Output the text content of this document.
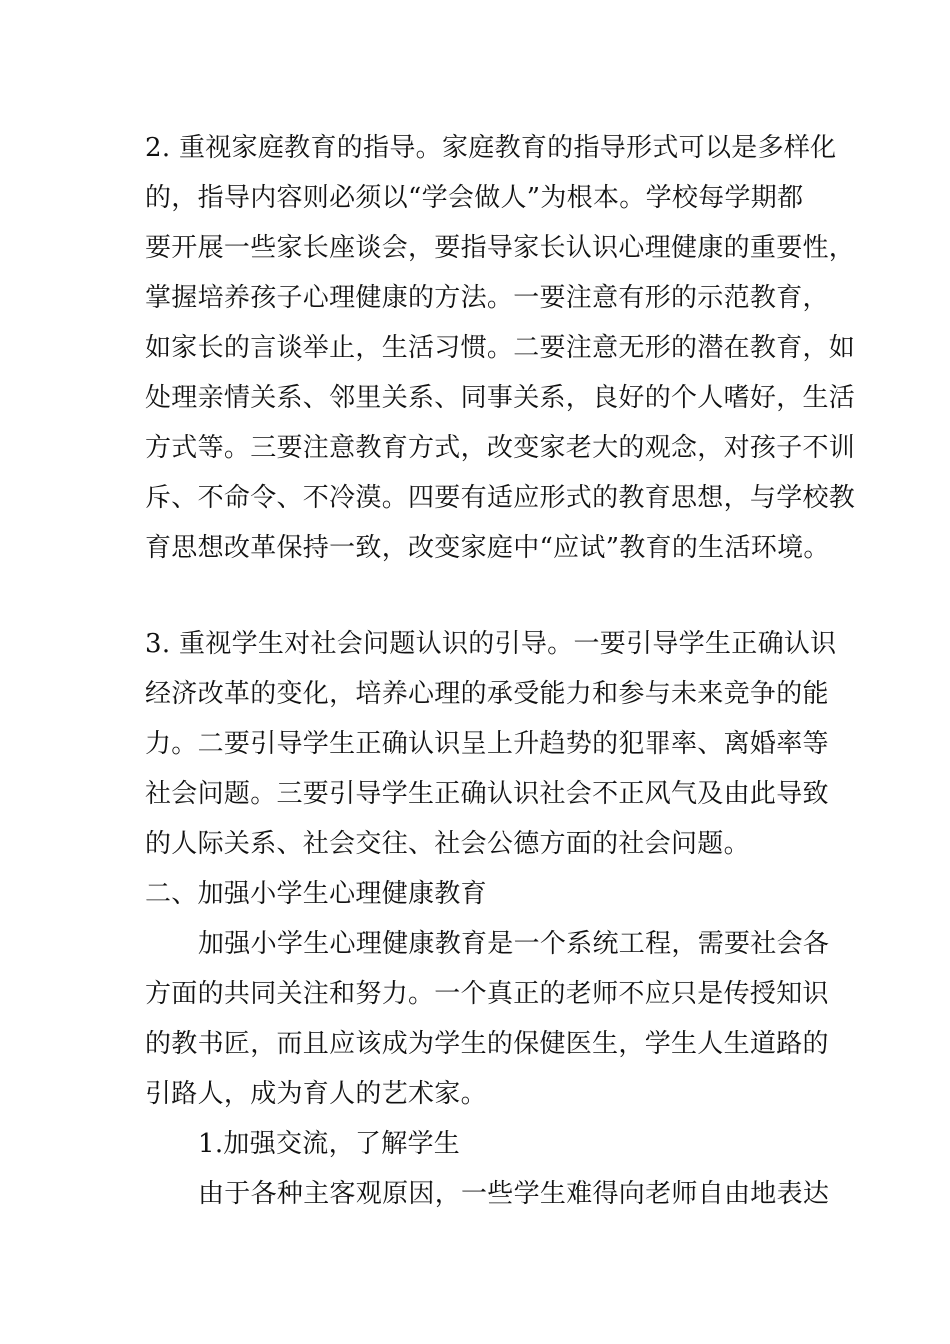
2. 重视家庭教育的指导。家庭教育的指导形式可以是多样化
的，指导内容则必须以“学会做人”为根本。学校每学期都
要开展一些家长座谈会，要指导家长认识心理健康的重要性，
掌握培养孩子心理健康的方法。一要注意有形的示范教育，
如家长的言谈举止，生活习惯。二要注意无形的潜在教育，如
处理亲情关系、邻里关系、同事关系，良好的个人嗜好，生活
方式等。三要注意教育方式，改变家老大的观念，对孩子不训
斥、不命令、不冷漠。四要有适应形式的教育思想，与学校教
育思想改革保持一致，改变家庭中“应试”教育的生活环境。
3. 重视学生对社会问题认识的引导。一要引导学生正确认识
经济改革的变化，培养心理的承受能力和参与未来竞争的能
力。二要引导学生正确认识呈上升趋势的犯罪率、离婚率等
社会问题。三要引导学生正确认识社会不正风气及由此导致
的人际关系、社会交往、社会公德方面的社会问题。
二、加强小学生心理健康教育
加强小学生心理健康教育是一个系统工程，需要社会各
方面的共同关注和努力。一个真正的老师不应只是传授知识
的教书匠，而且应该成为学生的保健医生，学生人生道路的
引路人，成为育人的艺术家。
1.加强交流，了解学生
由于各种主客观原因，一些学生难得向老师自由地表达
